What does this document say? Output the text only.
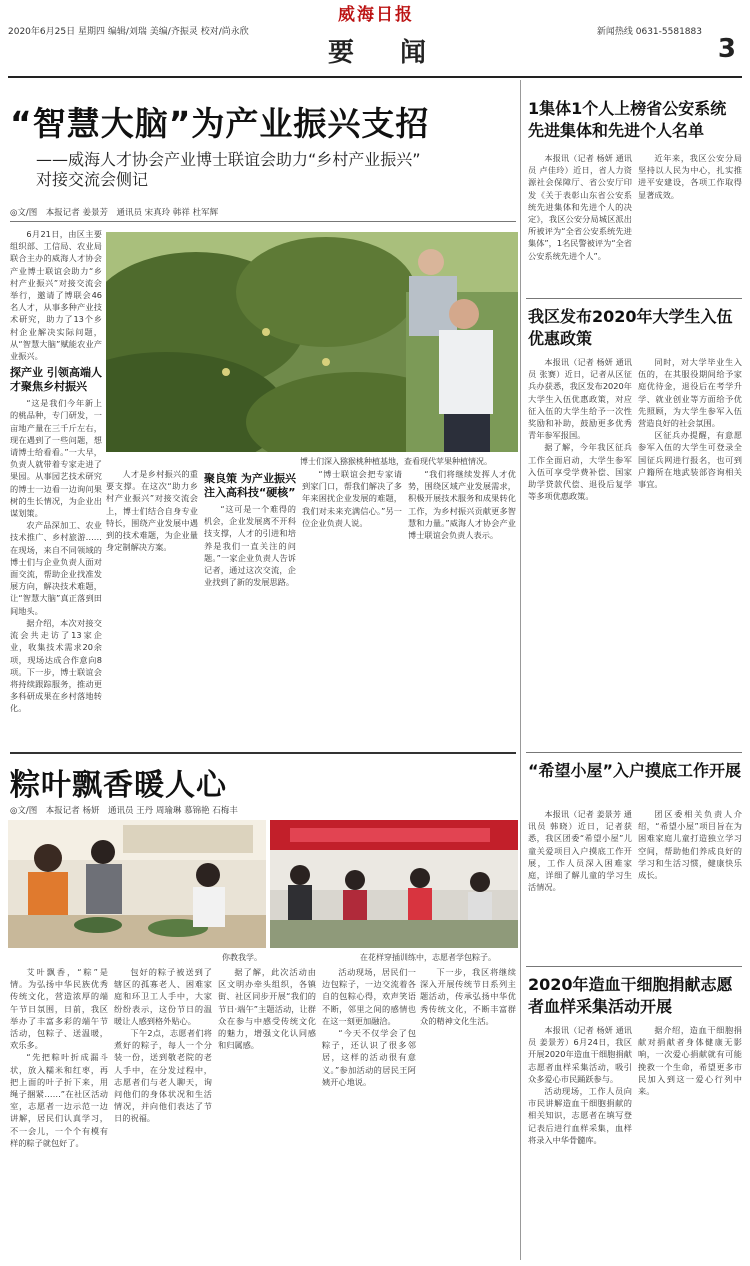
2020年6月25日 星期四 编辑/刘瑞 美编/齐振灵 校对/尚永欣
威海日报
要　闻
新闻热线 0631-5581883
3
“智慧大脑”为产业振兴支招
——威海人才协会产业博士联谊会助力“乡村产业振兴”
对接交流会侧记
◎文/图　本报记者 姜景芳　通讯员 宋真玲 韩祥 杜军辉

6月21日，由区主要组织部、工信局、农业局联合主办的威海人才协会产业博士联谊会助力“乡村产业振兴”对接交流会举行，邀请了博联会46名人才，从事多种产业技术研究，助力了13个乡村企业解决实际问题，从“智慧大脑”赋能农业产业振兴。

探产业 引领高端人才聚焦乡村振兴

“这是我们今年新上的桃品种，专门研发，一亩地产量在三千斤左右，现在遇到了一些问题，想请博士给看看。”一大早，负责人就带着专家走进了果园。从事园艺技术研究的博士一边看一边询问果树的生长情况，为企业出谋划策。

农产品深加工、农业技术推广、乡村旅游……在现场，来自不同领域的博士们与企业负责人面对面交流，帮助企业找准发展方向，解决技术难题，让“智慧大脑”真正落到田间地头。

据介绍，本次对接交流会共走访了13家企业，收集技术需求20余项，现场达成合作意向8项。下一步，博士联谊会将持续跟踪服务，推动更多科研成果在乡村落地转化。

博士们深入猕猴桃种植基地，查看现代苹果种植情况。

人才是乡村振兴的重要支撑。在这次“助力乡村产业振兴”对接交流会上，博士们结合自身专业特长，围绕产业发展中遇到的技术难题，为企业量身定制解决方案。

聚良策 为产业振兴注入高科技“硬核”

“这可是一个难得的机会，企业发展离不开科技支撑，人才的引进和培养是我们一直关注的问题。”一家企业负责人告诉记者，通过这次交流，企业找到了新的发展思路。

“博士联谊会把专家请到家门口，帮我们解决了多年来困扰企业发展的难题，我们对未来充满信心。”另一位企业负责人说。

“我们将继续发挥人才优势，围绕区域产业发展需求，积极开展技术服务和成果转化工作，为乡村振兴贡献更多智慧和力量。”威海人才协会产业博士联谊会负责人表示。

粽叶飘香暖人心
◎文/图　本报记者 杨妍　通讯员 王丹 周瑜琳 慕锦艳 石梅丰
你教我学。	在花样穿插训练中，志愿者学包粽子。

艾叶飘香，“粽”是情。为弘扬中华民族优秀传统文化，营造浓厚的端午节日氛围，日前，我区举办了丰富多彩的端午节活动，包粽子、送温暖，欢乐多。

“先把粽叶折成漏斗状，放入糯米和红枣，再把上面的叶子折下来，用绳子捆紧……”在社区活动室，志愿者一边示范一边讲解，居民们认真学习，不一会儿，一个个有模有样的粽子就包好了。

包好的粽子被送到了辖区的孤寡老人、困难家庭和环卫工人手中，大家纷纷表示，这份节日的温暖让人感到格外贴心。

下午2点，志愿者们将煮好的粽子，每人一个分装一份，送到敬老院的老人手中，在分发过程中，志愿者们与老人聊天，询问他们的身体状况和生活情况，并向他们表达了节日的祝福。

据了解，此次活动由区文明办牵头组织，各镇街、社区同步开展“我们的节日·端午”主题活动，让群众在参与中感受传统文化的魅力，增强文化认同感和归属感。

活动现场，居民们一边包粽子，一边交流着各自的包粽心得，欢声笑语不断，邻里之间的感情也在这一刻更加融洽。

“今天不仅学会了包粽子，还认识了很多邻居，这样的活动很有意义。”参加活动的居民王阿姨开心地说。

下一步，我区将继续深入开展传统节日系列主题活动，传承弘扬中华优秀传统文化，不断丰富群众的精神文化生活。

1集体1个人上榜省公安系统先进集体和先进个人名单

本报讯（记者 杨妍 通讯员 卢佳玲）近日，省人力资源社会保障厅、省公安厅印发《关于表彰山东省公安系统先进集体和先进个人的决定》，我区公安分局城区派出所被评为“全省公安系统先进集体”，1名民警被评为“全省公安系统先进个人”。

近年来，我区公安分局坚持以人民为中心，扎实推进平安建设，各项工作取得显著成效。

我区发布2020年大学生入伍优惠政策

本报讯（记者 杨妍 通讯员 张赛）近日，记者从区征兵办获悉，我区发布2020年大学生入伍优惠政策，对应征入伍的大学生给予一次性奖励和补助，鼓励更多优秀青年参军报国。

据了解，今年我区征兵工作全面启动，大学生参军入伍可享受学费补偿、国家助学贷款代偿、退役后复学等多项优惠政策。

同时，对大学毕业生入伍的，在其服役期间给予家庭优待金，退役后在考学升学、就业创业等方面给予优先照顾，为大学生参军入伍营造良好的社会氛围。

区征兵办提醒，有意愿参军入伍的大学生可登录全国征兵网进行报名，也可到户籍所在地武装部咨询相关事宜。

“希望小屋”入户摸底工作开展

本报讯（记者 姜景芳 通讯员 韩晓）近日，记者获悉，我区团委“希望小屋”儿童关爱项目入户摸底工作开展，工作人员深入困难家庭，详细了解儿童的学习生活情况。

团区委相关负责人介绍，“希望小屋”项目旨在为困难家庭儿童打造独立学习空间，帮助他们养成良好的学习和生活习惯，健康快乐成长。

2020年造血干细胞捐献志愿者血样采集活动开展

本报讯（记者 杨妍 通讯员 姜景芳）6月24日，我区开展2020年造血干细胞捐献志愿者血样采集活动，吸引众多爱心市民踊跃参与。

活动现场，工作人员向市民讲解造血干细胞捐献的相关知识，志愿者在填写登记表后进行血样采集，血样将录入中华骨髓库。

据介绍，造血干细胞捐献对捐献者身体健康无影响，一次爱心捐献就有可能挽救一个生命，希望更多市民加入到这一爱心行列中来。
